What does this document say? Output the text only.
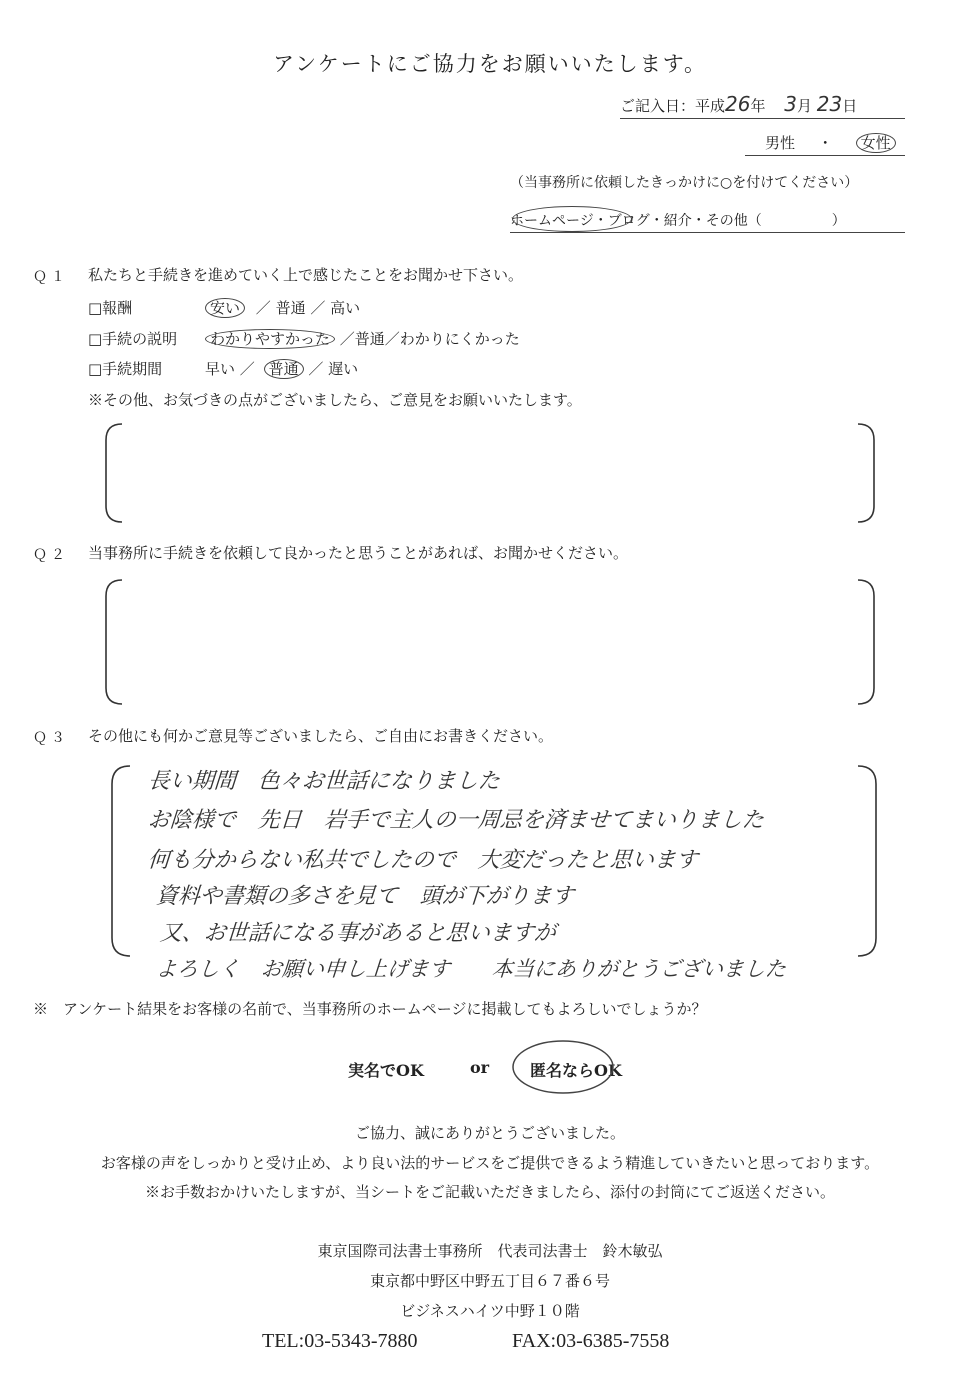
アンケートにご協力をお願いいたします。
ご記入日：平成26年 3月 23日
男性 ・ 女性
（当事務所に依頼したきっかけに○を付けてください）
ホームページ・ブログ・紹介・その他（　　　　　）
Ｑ１ 私たちと手続きを進めていく上で感じたことをお聞かせ下さい。
□報酬	安い ／ 普通 ／ 高い
□手続の説明	わかりやすかった ／普通／わかりにくかった
□手続期間	早い ／ 普通 ／ 遅い
※その他、お気づきの点がございましたら、ご意見をお願いいたします。
Ｑ２ 当事務所に手続きを依頼して良かったと思うことがあれば、お聞かせください。
Ｑ３ その他にも何かご意見等ございましたら、ご自由にお書きください。
長い期間　色々お世話になりました
お陰様で　先日　岩手で主人の一周忌を済ませてまいりました
何も分からない私共でしたので　大変だったと思います
資料や書類の多さを見て　頭が下がります
又、お世話になる事があると思いますが
よろしく　お願い申し上げます　　本当にありがとうございました
※　アンケート結果をお客様の名前で、当事務所のホームページに掲載してもよろしいでしょうか？
実名でOK	or	匿名ならOK
ご協力、誠にありがとうございました。
お客様の声をしっかりと受け止め、より良い法的サービスをご提供できるよう精進していきたいと思っております。
※お手数おかけいたしますが、当シートをご記載いただきましたら、添付の封筒にてご返送ください。
東京国際司法書士事務所　代表司法書士　鈴木敏弘
東京都中野区中野五丁目６７番６号
ビジネスハイツ中野１０階
TEL:03-5343-7880	FAX:03-6385-7558
